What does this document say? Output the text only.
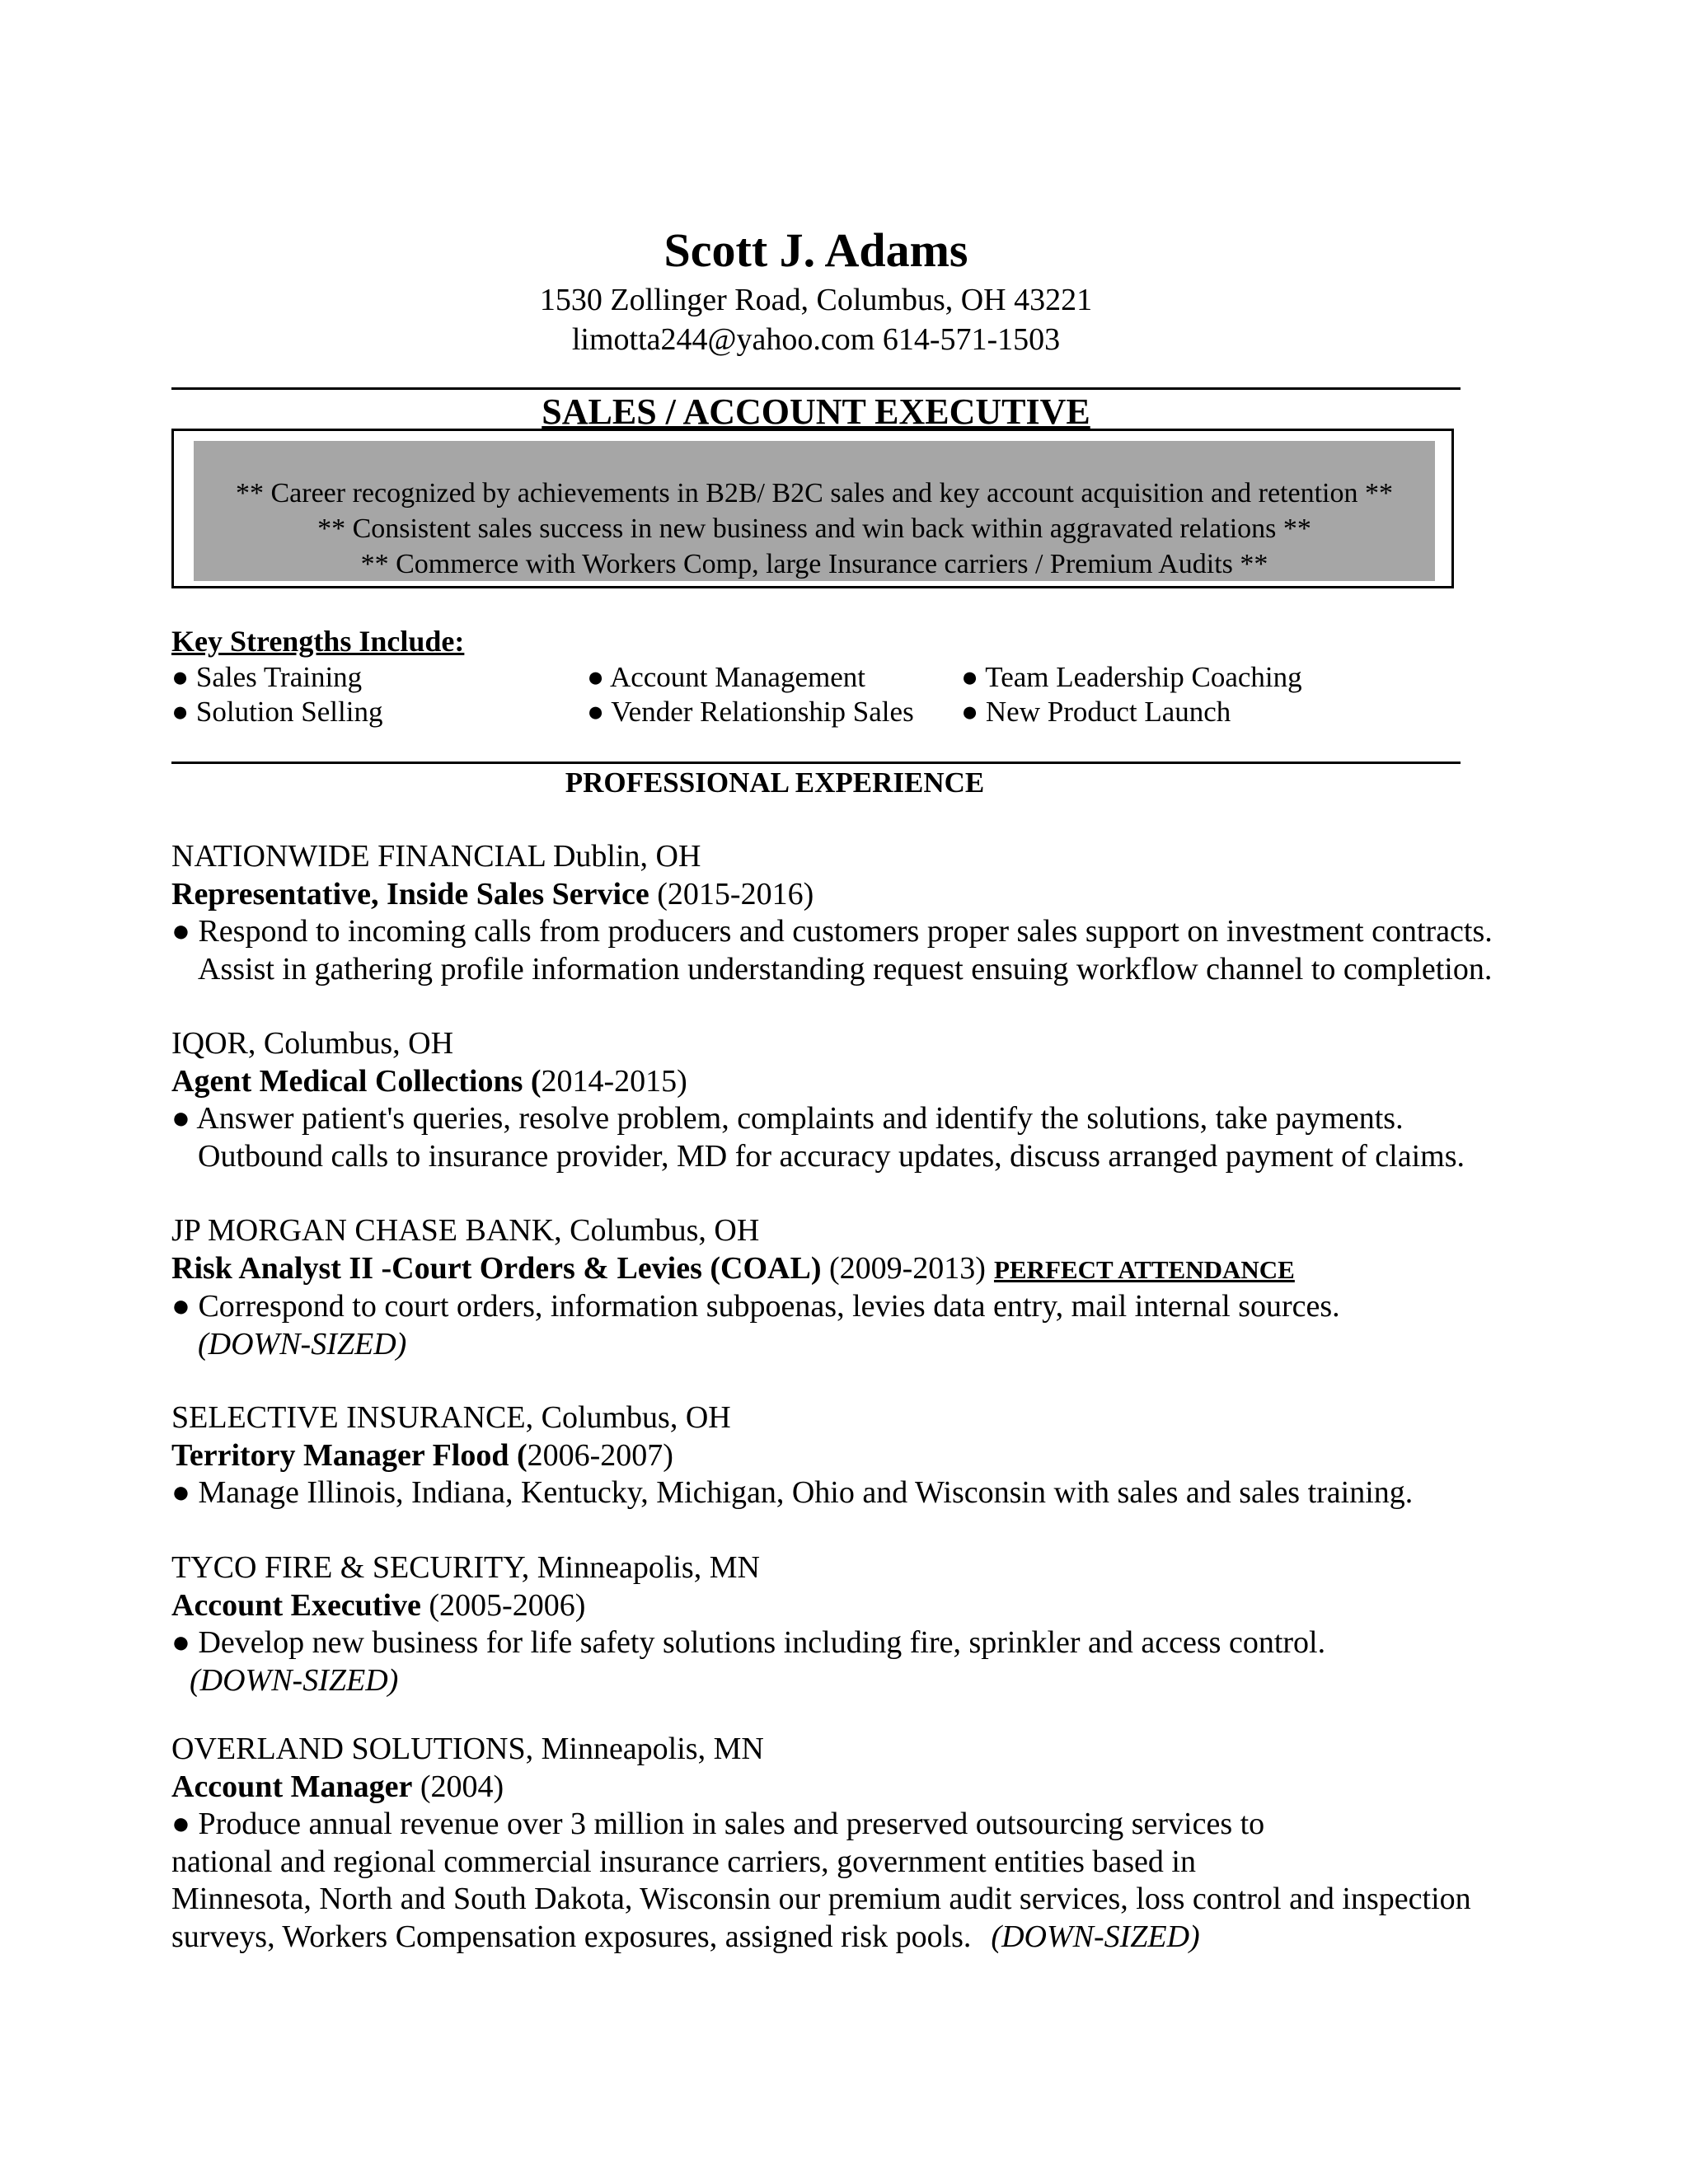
Scott J. Adams
1530 Zollinger Road, Columbus, OH 43221
limotta244@yahoo.com 614-571-1503
SALES / ACCOUNT EXECUTIVE
** Career recognized by achievements in B2B/ B2C sales and key account acquisition and retention **
** Consistent sales success in new business and win back within aggravated relations **
** Commerce with Workers Comp, large Insurance carriers / Premium Audits **
Key Strengths Include:
● Sales Training	● Account Management	● Team Leadership Coaching
● Solution Selling	● Vender Relationship Sales ● New Product Launch
PROFESSIONAL EXPERIENCE
NATIONWIDE FINANCIAL Dublin, OH
Representative, Inside Sales Service (2015-2016)
● Respond to incoming calls from producers and customers proper sales support on investment contracts.
Assist in gathering profile information understanding request ensuing workflow channel to completion.
IQOR, Columbus, OH
Agent Medical Collections (2014-2015)
● Answer patient's queries, resolve problem, complaints and identify the solutions, take payments.
Outbound calls to insurance provider, MD for accuracy updates, discuss arranged payment of claims.
JP MORGAN CHASE BANK, Columbus, OH
Risk Analyst II -Court Orders & Levies (COAL) (2009-2013) PERFECT ATTENDANCE
● Correspond to court orders, information subpoenas, levies data entry, mail internal sources.
(DOWN-SIZED)
SELECTIVE INSURANCE, Columbus, OH
Territory Manager Flood (2006-2007)
● Manage Illinois, Indiana, Kentucky, Michigan, Ohio and Wisconsin with sales and sales training.
TYCO FIRE & SECURITY, Minneapolis, MN
Account Executive (2005-2006)
● Develop new business for life safety solutions including fire, sprinkler and access control.
(DOWN-SIZED)
OVERLAND SOLUTIONS, Minneapolis, MN
Account Manager (2004)
● Produce annual revenue over 3 million in sales and preserved outsourcing services to
national and regional commercial insurance carriers, government entities based in
Minnesota, North and South Dakota, Wisconsin our premium audit services, loss control and inspection
surveys, Workers Compensation exposures, assigned risk pools. (DOWN-SIZED)
